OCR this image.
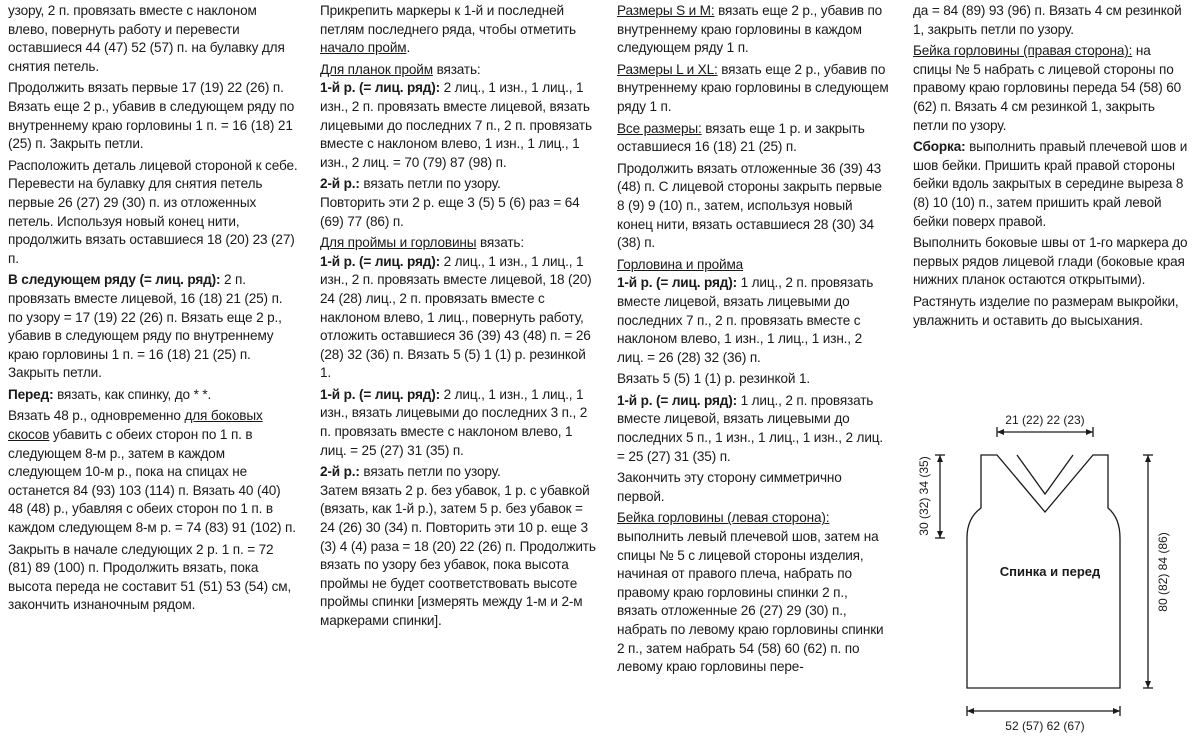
узору, 2 п. провязать вместе с наклоном влево, повернуть работу и перевести оставшиеся 44 (47) 52 (57) п. на булавку для снятия петель.

Продолжить вязать первые 17 (19) 22 (26) п. Вязать еще 2 р., убавив в следующем ряду по внутреннему краю горловины 1 п. = 16 (18) 21 (25) п. Закрыть петли.

Расположить деталь лицевой стороной к себе. Перевести на булавку для снятия петель первые 26 (27) 29 (30) п. из отложенных петель. Используя новый конец нити, продолжить вязать оставшиеся 18 (20) 23 (27) п.

В следующем ряду (= лиц. ряд): 2 п. провязать вместе лицевой, 16 (18) 21 (25) п. по узору = 17 (19) 22 (26) п. Вязать еще 2 р., убавив в следующем ряду по внутреннему краю горловины 1 п. = 16 (18) 21 (25) п. Закрыть петли.

Перед: вязать, как спинку, до * *.

Вязать 48 р., одновременно для боковых скосов убавить с обеих сторон по 1 п. в следующем 8-м р., затем в каждом следующем 10-м р., пока на спицах не останется 84 (93) 103 (114) п. Вязать 40 (40) 48 (48) р., убавляя с обеих сторон по 1 п. в каждом следующем 8-м р. = 74 (83) 91 (102) п.

Закрыть в начале следующих 2 р. 1 п. = 72 (81) 89 (100) п. Продолжить вязать, пока высота переда не составит 51 (51) 53 (54) см, закончить изнаночным рядом.

Прикрепить маркеры к 1-й и последней петлям последнего ряда, чтобы отметить начало пройм.

Для планок пройм вязать:

1-й р. (= лиц. ряд): 2 лиц., 1 изн., 1 лиц., 1 изн., 2 п. провязать вместе лицевой, вязать лицевыми до последних 7 п., 2 п. провязать вместе с наклоном влево, 1 изн., 1 лиц., 1 изн., 2 лиц. = 70 (79) 87 (98) п.

2-й р.: вязать петли по узору.

Повторить эти 2 р. еще 3 (5) 5 (6) раз = 64 (69) 77 (86) п.

Для проймы и горловины вязать:

1-й р. (= лиц. ряд): 2 лиц., 1 изн., 1 лиц., 1 изн., 2 п. провязать вместе лицевой, 18 (20) 24 (28) лиц., 2 п. провязать вместе с наклоном влево, 1 лиц., повернуть работу, отложить оставшиеся 36 (39) 43 (48) п. = 26 (28) 32 (36) п. Вязать 5 (5) 1 (1) р. резинкой 1.

1-й р. (= лиц. ряд): 2 лиц., 1 изн., 1 лиц., 1 изн., вязать лицевыми до последних 3 п., 2 п. провязать вместе с наклоном влево, 1 лиц. = 25 (27) 31 (35) п.

2-й р.: вязать петли по узору.

Затем вязать 2 р. без убавок, 1 р. с убавкой (вязать, как 1-й р.), затем 5 р. без убавок = 24 (26) 30 (34) п. Повторить эти 10 р. еще 3 (3) 4 (4) раза = 18 (20) 22 (26) п. Продолжить вязать по узору без убавок, пока высота проймы не будет соответствовать высоте проймы спинки [измерять между 1-м и 2-м маркерами спинки].

Размеры S и M: вязать еще 2 р., убавив по внутреннему краю горловины в каждом следующем ряду 1 п.

Размеры L и XL: вязать еще 2 р., убавив по внутреннему краю горловины в следующем ряду 1 п.

Все размеры: вязать еще 1 р. и закрыть оставшиеся 16 (18) 21 (25) п.

Продолжить вязать отложенные 36 (39) 43 (48) п. С лицевой стороны закрыть первые 8 (9) 9 (10) п., затем, используя новый конец нити, вязать оставшиеся 28 (30) 34 (38) п.

Горловина и пройма

1-й р. (= лиц. ряд): 1 лиц., 2 п. провязать вместе лицевой, вязать лицевыми до последних 7 п., 2 п. провязать вместе с наклоном влево, 1 изн., 1 лиц., 1 изн., 2 лиц. = 26 (28) 32 (36) п.

Вязать 5 (5) 1 (1) р. резинкой 1.

1-й р. (= лиц. ряд): 1 лиц., 2 п. провязать вместе лицевой, вязать лицевыми до последних 5 п., 1 изн., 1 лиц., 1 изн., 2 лиц. = 25 (27) 31 (35) п.

Закончить эту сторону симметрично первой.

Бейка горловины (левая сторона): выполнить левый плечевой шов, затем на спицы № 5 с лицевой стороны изделия, начиная от правого плеча, набрать по правому краю горловины спинки 2 п., вязать отложенные 26 (27) 29 (30) п., набрать по левому краю горловины спинки 2 п., затем набрать 54 (58) 60 (62) п. по левому краю горловины пере-

да = 84 (89) 93 (96) п. Вязать 4 см резинкой 1, закрыть петли по узору.

Бейка горловины (правая сторона): на спицы № 5 набрать с лицевой стороны по правому краю горловины переда 54 (58) 60 (62) п. Вязать 4 см резинкой 1, закрыть петли по узору.

Сборка: выполнить правый плечевой шов и шов бейки. Пришить край правой стороны бейки вдоль закрытых в середине выреза 8 (8) 10 (10) п., затем пришить край левой бейки поверх правой.

Выполнить боковые швы от 1-го маркера до первых рядов лицевой глади (боковые края нижних планок остаются открытыми).

Растянуть изделие по размерам выкройки, увлажнить и оставить до высыхания.

Спинка и перед
21 (22) 22 (23)
30 (32) 34 (35)
80 (82) 84 (86)
52 (57) 62 (67)
